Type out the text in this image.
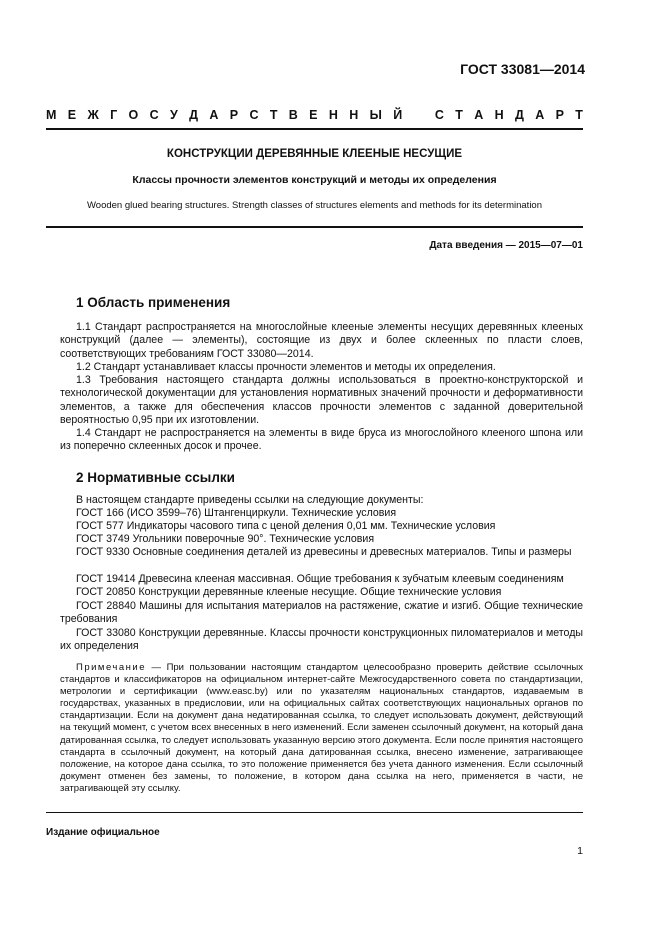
ГОСТ 33081—2014
М Е Ж Г О С У Д А Р С Т В Е Н Н Ы Й	С Т А Н Д А Р Т
КОНСТРУКЦИИ ДЕРЕВЯННЫЕ КЛЕЕНЫЕ НЕСУЩИЕ
Классы прочности элементов конструкций и методы их определения
Wooden glued bearing structures. Strength classes of structures elements and methods for its determination
Дата введения — 2015—07—01
1 Область применения
1.1 Стандарт распространяется на многослойные клееные элементы несущих деревянных клееных конструкций (далее — элементы), состоящие из двух и более склеенных по пласти слоев, соответствующих требованиям ГОСТ 33080—2014.
1.2 Стандарт устанавливает классы прочности элементов и методы их определения.
1.3 Требования настоящего стандарта должны использоваться в проектно-конструкторской и технологической документации для установления нормативных значений прочности и деформативности элементов, а также для обеспечения классов прочности элементов с заданной доверительной вероятностью 0,95 при их изготовлении.
1.4 Стандарт не распространяется на элементы в виде бруса из многослойного клееного шпона или из поперечно склеенных досок и прочее.
2 Нормативные ссылки
В настоящем стандарте приведены ссылки на следующие документы:
ГОСТ 166 (ИСО 3599–76) Штангенциркули. Технические условия
ГОСТ 577 Индикаторы часового типа с ценой деления 0,01 мм. Технические условия
ГОСТ 3749 Угольники поверочные 90°. Технические условия
ГОСТ 9330 Основные соединения деталей из древесины и древесных материалов. Типы и размеры
ГОСТ 19414 Древесина клееная массивная. Общие требования к зубчатым клеевым соединениям
ГОСТ 20850 Конструкции деревянные клееные несущие. Общие технические условия
ГОСТ 28840 Машины для испытания материалов на растяжение, сжатие и изгиб. Общие технические требования
ГОСТ 33080 Конструкции деревянные. Классы прочности конструкционных пиломатериалов и методы их определения
Примечание — При пользовании настоящим стандартом целесообразно проверить действие ссылочных стандартов и классификаторов на официальном интернет-сайте Межгосударственного совета по стандартизации, метрологии и сертификации (www.easc.by) или по указателям национальных стандартов, издаваемым в государствах, указанных в предисловии, или на официальных сайтах соответствующих национальных органов по стандартизации. Если на документ дана недатированная ссылка, то следует использовать документ, действующий на текущий момент, с учетом всех внесенных в него изменений. Если заменен ссылочный документ, на который дана датированная ссылка, то следует использовать указанную версию этого документа. Если после принятия настоящего стандарта в ссылочный документ, на который дана датированная ссылка, внесено изменение, затрагивающее положение, на которое дана ссылка, то это положение применяется без учета данного изменения. Если ссылочный документ отменен без замены, то положение, в котором дана ссылка на него, применяется в части, не затрагивающей эту ссылку.
Издание официальное
1
